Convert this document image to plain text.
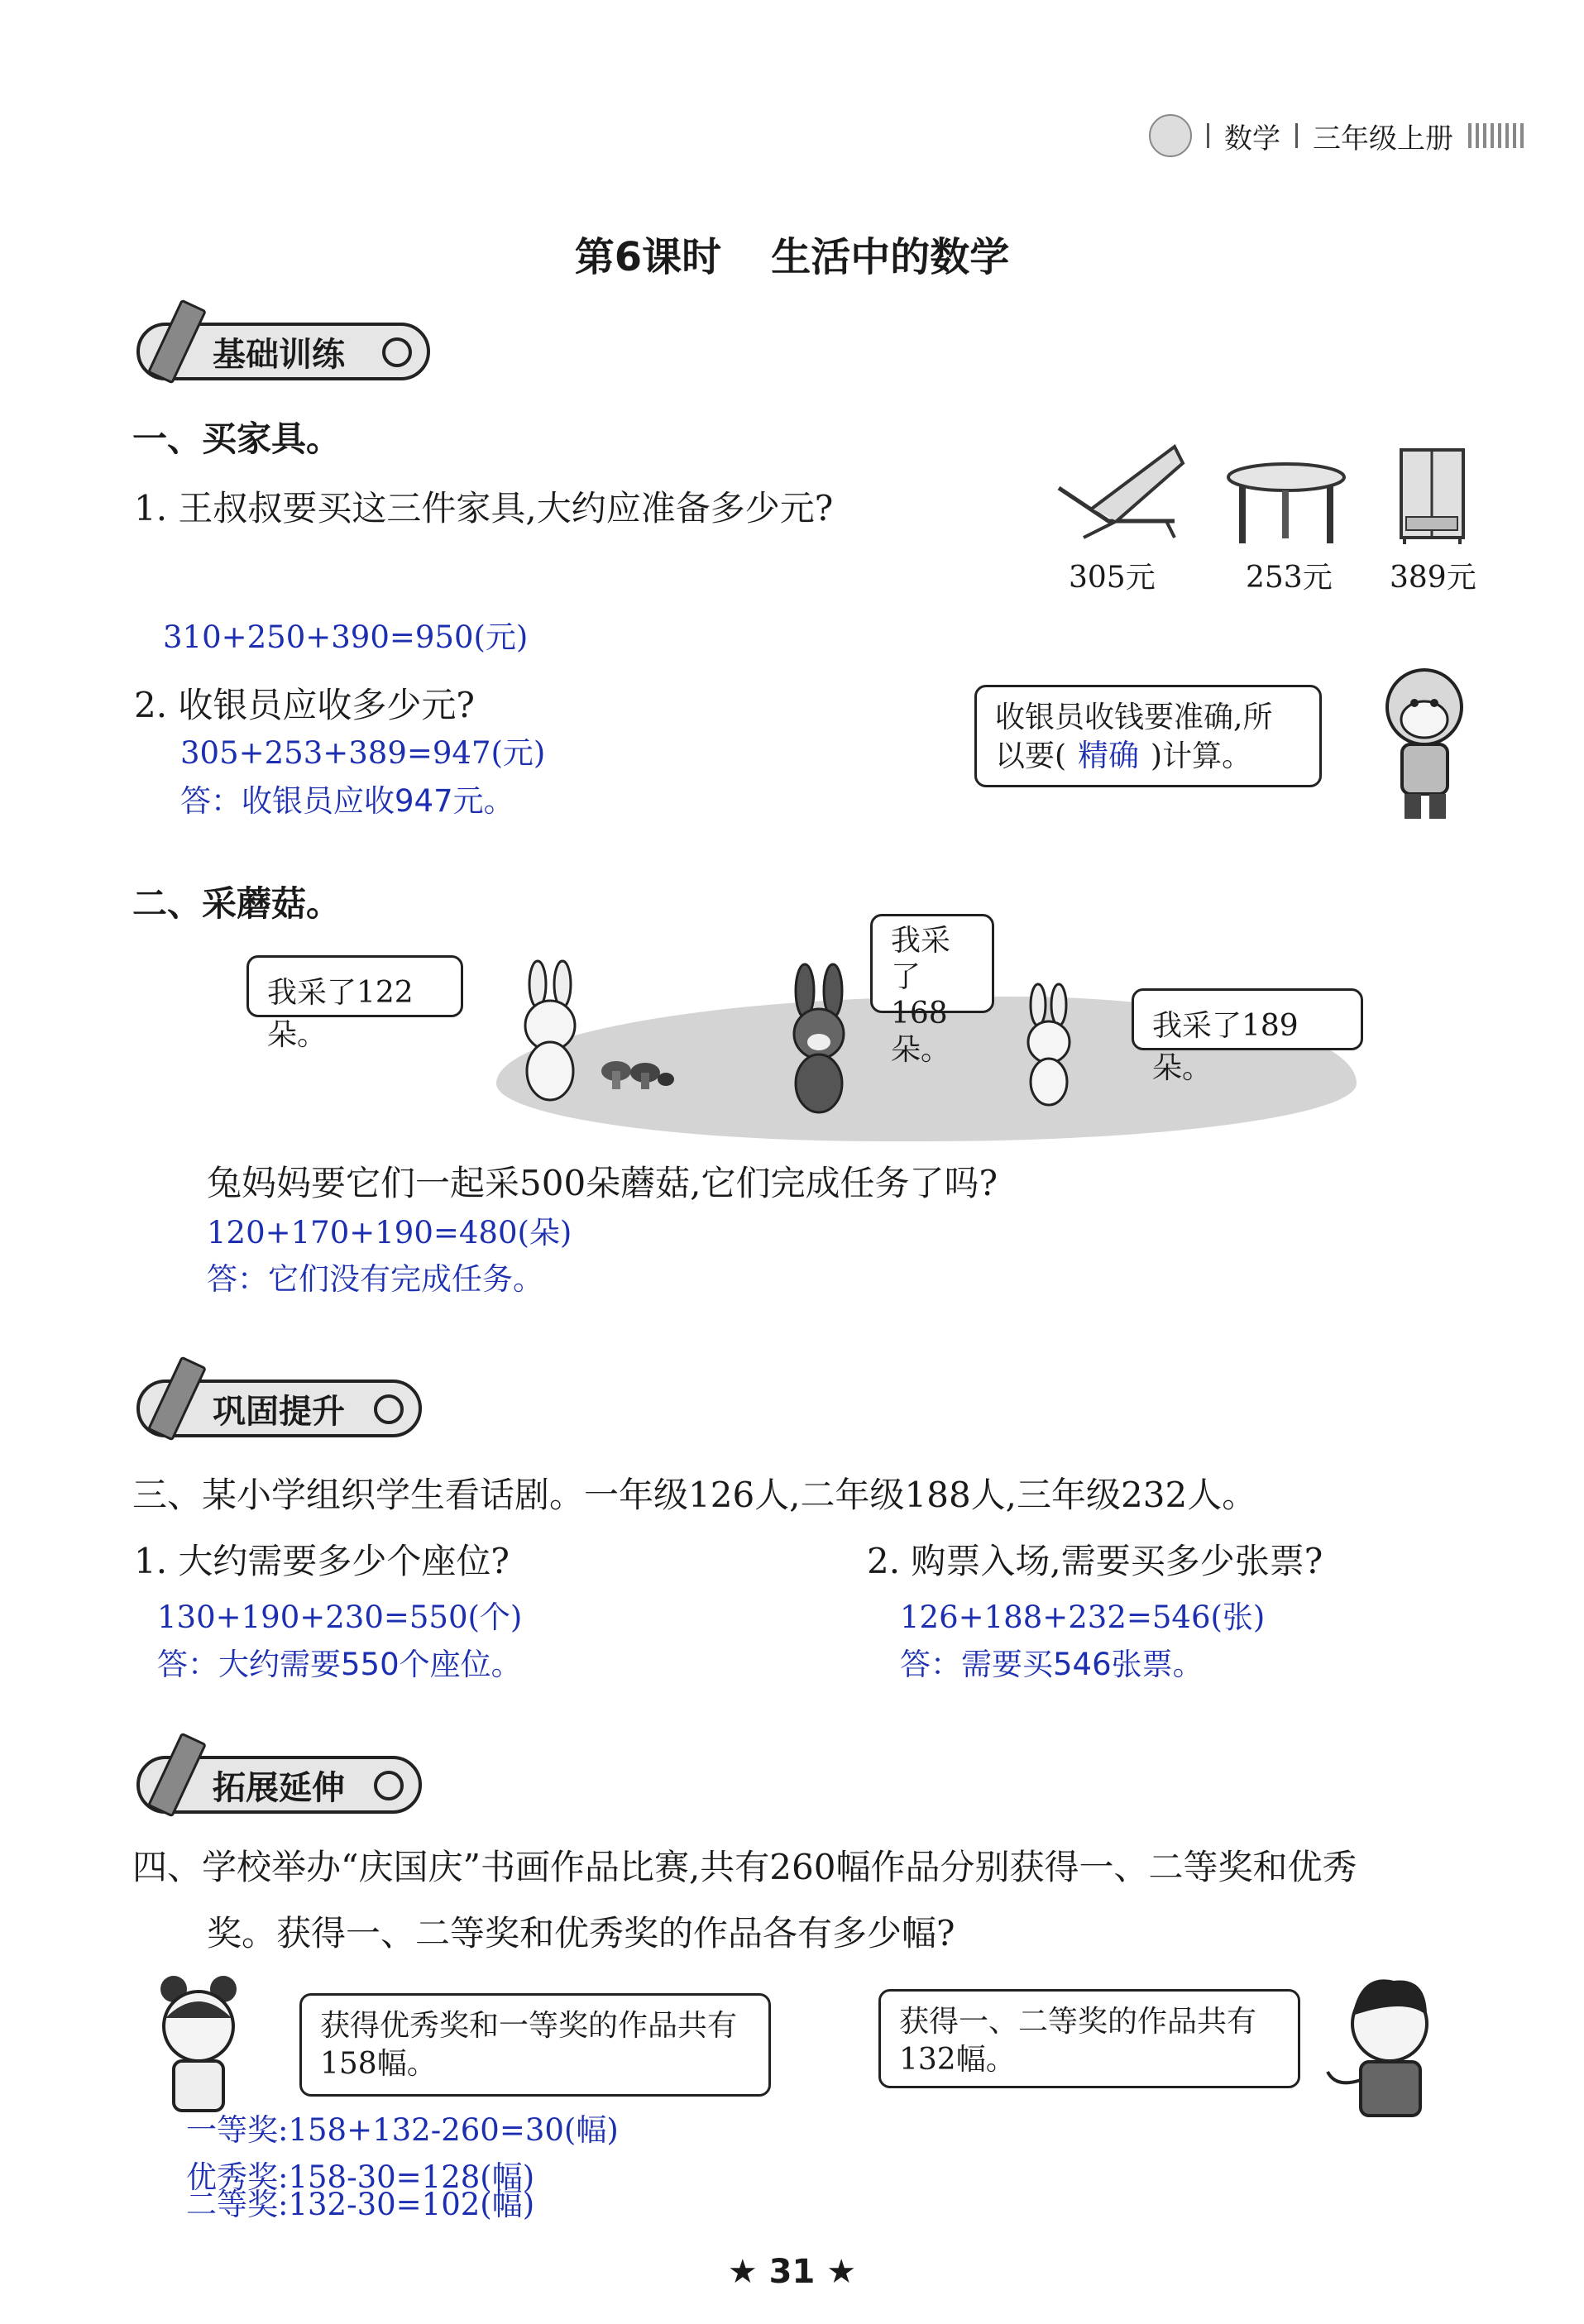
数学 三年级上册
第6课时 生活中的数学
基础训练
一、买家具。
1. 王叔叔要买这三件家具,大约应准备多少元?
305元	253元 389元
310+250+390=950(元)
2. 收银员应收多少元?
305+253+389=947(元)
答：收银员应收947元。
收银员收钱要准确,所以要( 精确 )计算。
二、采蘑菇。
我采了122朵。
我采了168朵。
我采了189朵。
兔妈妈要它们一起采500朵蘑菇,它们完成任务了吗?
120+170+190=480(朵)
答：它们没有完成任务。
巩固提升
三、某小学组织学生看话剧。一年级126人,二年级188人,三年级232人。
1. 大约需要多少个座位?
130+190+230=550(个)
答：大约需要550个座位。
2. 购票入场,需要买多少张票?
126+188+232=546(张)
答：需要买546张票。
拓展延伸
四、学校举办“庆国庆”书画作品比赛,共有260幅作品分别获得一、二等奖和优秀
奖。获得一、二等奖和优秀奖的作品各有多少幅?
获得优秀奖和一等奖的作品共有158幅。
获得一、二等奖的作品共有132幅。
一等奖:158+132-260=30(幅)
优秀奖:158-30=128(幅)
二等奖:132-30=102(幅)
★ 31 ★
